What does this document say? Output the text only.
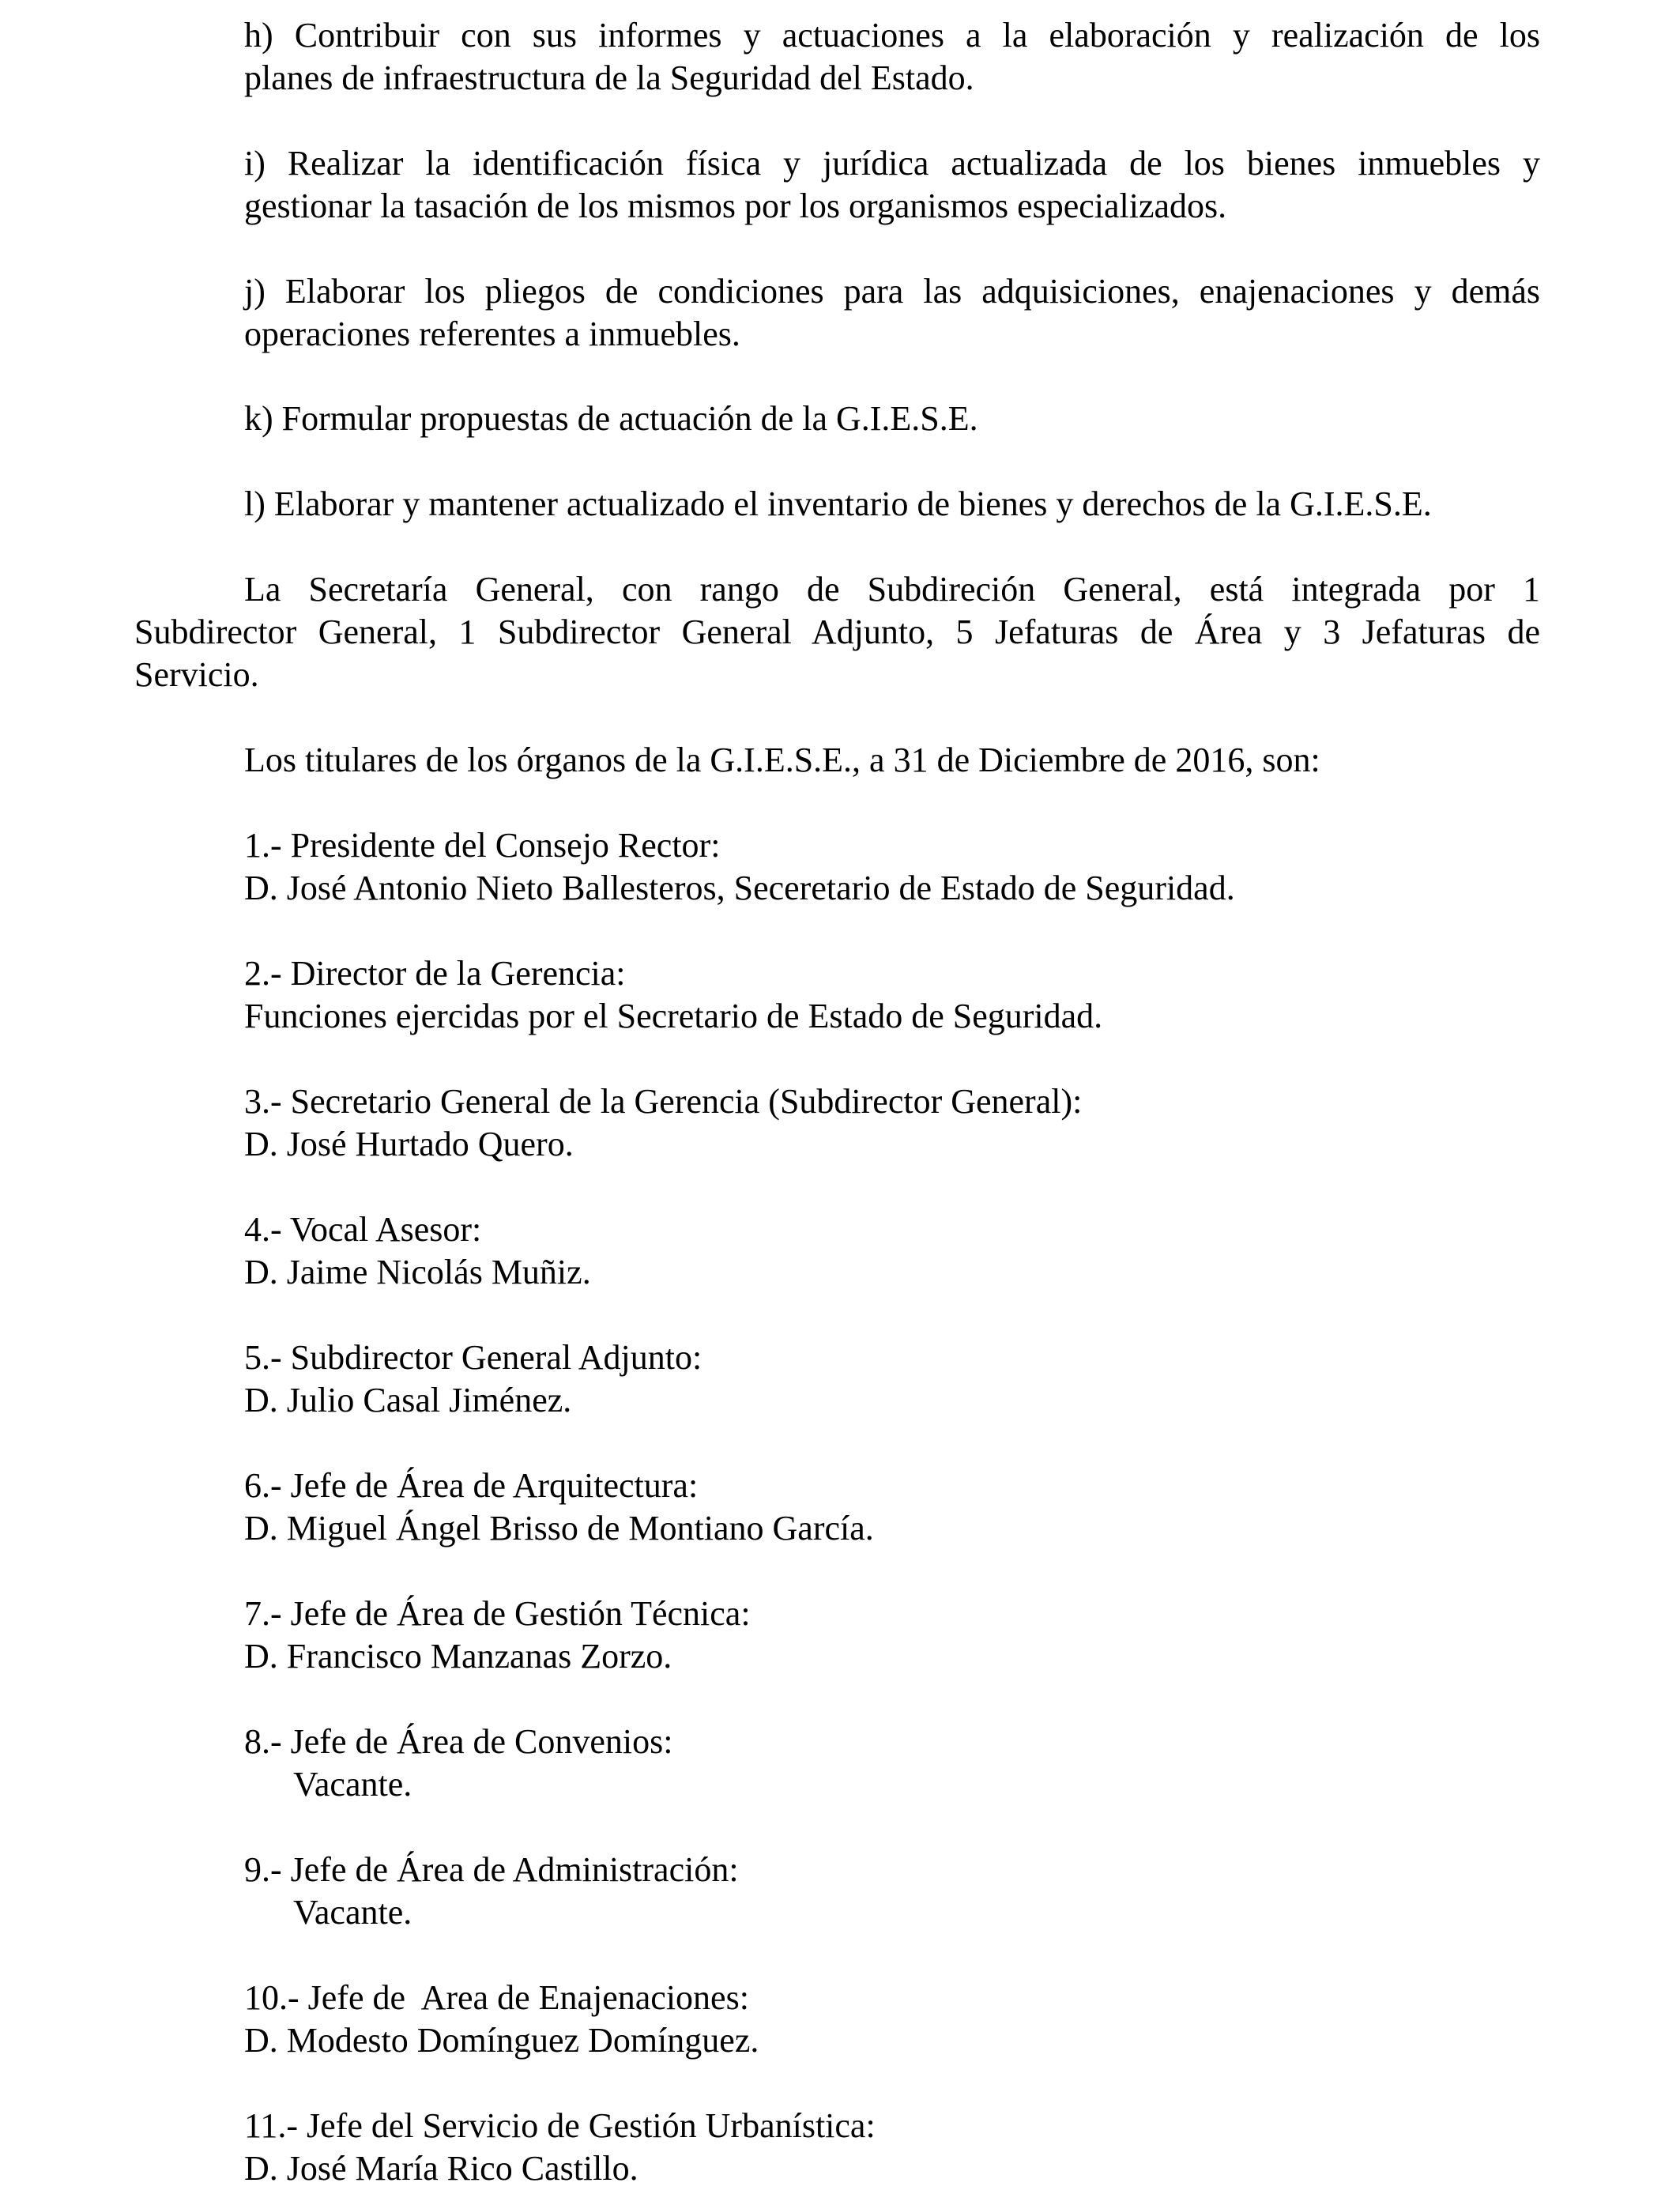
h) Contribuir con sus informes y actuaciones a la elaboración y realización de los
planes de infraestructura de la Seguridad del Estado.

i) Realizar la identificación física y jurídica actualizada de los bienes inmuebles y
gestionar la tasación de los mismos por los organismos especializados.

j) Elaborar los pliegos de condiciones para las adquisiciones, enajenaciones y demás
operaciones referentes a inmuebles.

k) Formular propuestas de actuación de la G.I.E.S.E.

l) Elaborar y mantener actualizado el inventario de bienes y derechos de la G.I.E.S.E.

La Secretaría General, con rango de Subdireción General, está integrada por 1
Subdirector General, 1 Subdirector General Adjunto, 5 Jefaturas de Área y 3 Jefaturas de
Servicio.

Los titulares de los órganos de la G.I.E.S.E., a 31 de Diciembre de 2016, son:

1.- Presidente del Consejo Rector:
D. José Antonio Nieto Ballesteros, Seceretario de Estado de Seguridad.
2.- Director de la Gerencia:
Funciones ejercidas por el Secretario de Estado de Seguridad.
3.- Secretario General de la Gerencia (Subdirector General):
D. José Hurtado Quero.
4.- Vocal Asesor:
D. Jaime Nicolás Muñiz.
5.- Subdirector General Adjunto:
D. Julio Casal Jiménez.
6.- Jefe de Área de Arquitectura:
D. Miguel Ángel Brisso de Montiano García.
7.- Jefe de Área de Gestión Técnica:
D. Francisco Manzanas Zorzo.
8.- Jefe de Área de Convenios:
Vacante.
9.- Jefe de Área de Administración:
Vacante.
10.- Jefe de  Area de Enajenaciones:
D. Modesto Domínguez Domínguez.
11.- Jefe del Servicio de Gestión Urbanística:
D. José María Rico Castillo.
